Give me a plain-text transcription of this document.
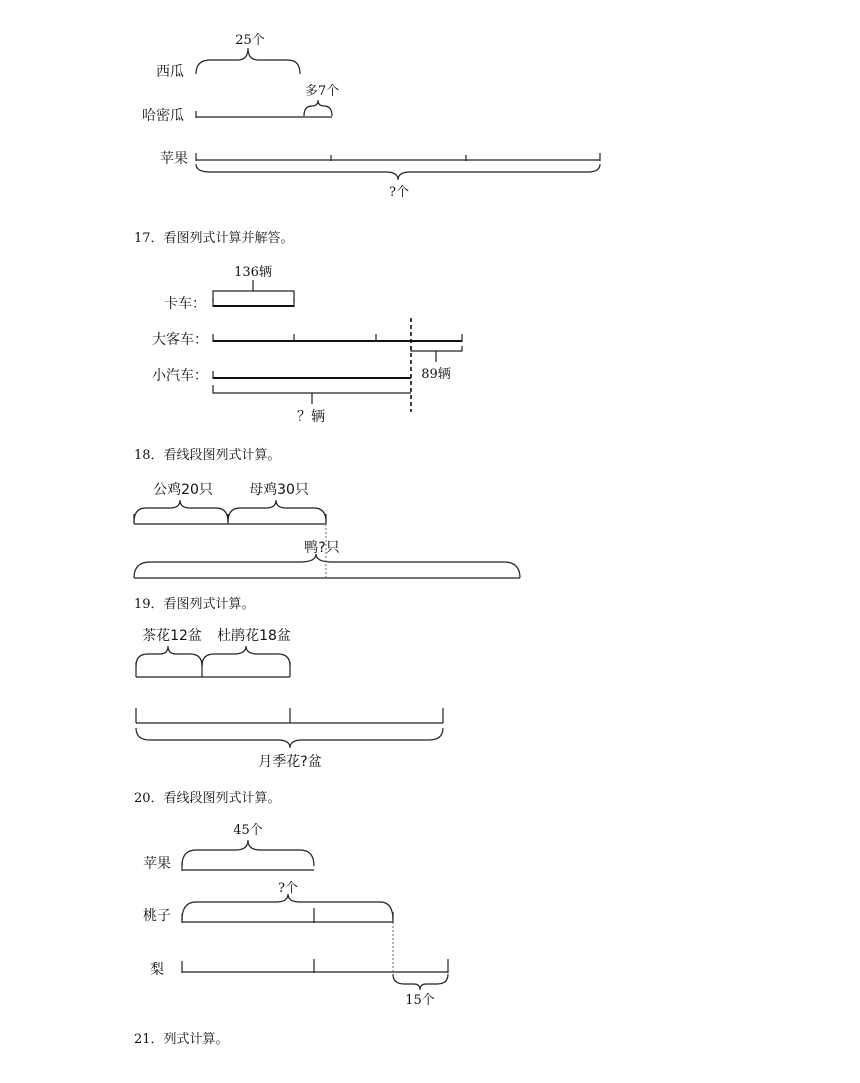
25个
西瓜
多7个
哈密瓜
苹果
?个
17．看图列式计算并解答。
136辆
卡车：
大客车：
89辆
小汽车：
？辆
18．看线段图列式计算。
公鸡20只	母鸡30只
鸭?只
19．看图列式计算。
茶花12盆 杜鹃花18盆
月季花?盆
20．看线段图列式计算。
45个
苹果
?个
桃子
梨
15个
21．列式计算。
